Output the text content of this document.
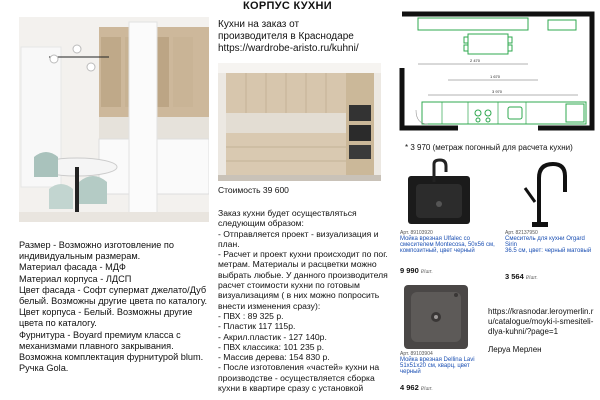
КОРПУС КУХНИ
Кухни на заказ от
производителя в Краснодаре
https://wardrobe-aristo.ru/kuhni/
Стоимость 39 600
Заказ кухни будет осуществляться
следующим образом:
- Отправляется проект - визуализация и
план.
- Расчет и проект кухни происходит по пог.
метрам. Материалы и расцветки можно
выбрать любые. У данного производителя
расчет стоимости кухни по готовым
визуализациям ( в них можно попросить
внести изменения сразу):
- ПВХ : 89 325 р.
- Пластик 117 115р.
- Акрил.пластик - 127 140р.
- ПВХ классика: 101 235 р.
- Массив дерева: 154 830 р.
- После изготовления «частей» кухни на
производстве - осуществляется сборка
кухни в квартире сразу с установкой
Размер - Возможно изготовление по
индивидуальным размерам.
Материал фасада - МДФ
Материал корпуса - ЛДСП
Цвет фасада - Софт супермат джелато/Дуб
белый. Возможны другие цвета по каталогу.
Цвет корпуса - Белый. Возможны другие
цвета по каталогу.
Фурнитура - Boyard премиум класса с
механизмами плавного закрывания.
Возможна комплектация фурнитурой blum.
Ручка Gola.
2 470
1 670
3 970
* 3 970 (метраж погонный для расчета кухни)
Арт. 89103920
Мойка врезная Ulfalec со
смесителем Montecosa, 50x56 см,
композитный, цвет черный
9 990 ₽/шт.
Арт. 82137950
Смеситель для кухни Orgard Sirin
36.5 см, цвет: черный матовый
3 564 ₽/шт.
Арт. 89103904
Мойка врезная Dellina Lavi
51x51x20 см, кварц, цвет черный
4 962 ₽/шт.
https://krasnodar.leroymerlin.r
u/catalogue/moyki-i-smesiteli-
dlya-kuhni/?page=1
Леруа Мерлен
